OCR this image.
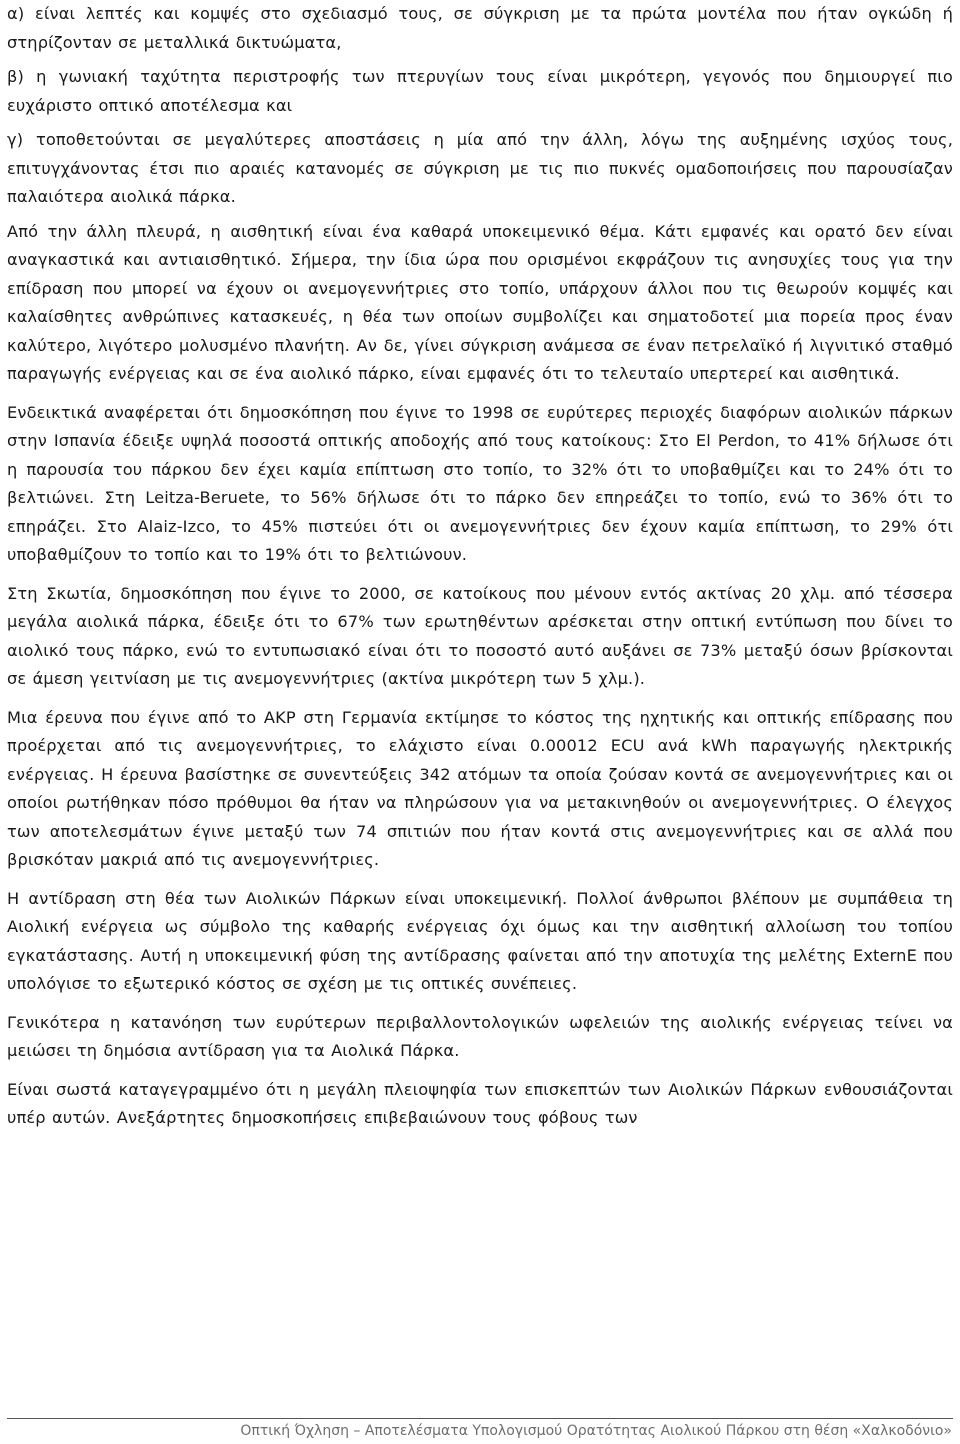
α) είναι λεπτές και κομψές στο σχεδιασμό τους, σε σύγκριση με τα πρώτα μοντέλα που ήταν ογκώδη ή στηρίζονταν σε μεταλλικά δικτυώματα,

β) η γωνιακή ταχύτητα περιστροφής των πτερυγίων τους είναι μικρότερη, γεγονός που δημιουργεί πιο ευχάριστο οπτικό αποτέλεσμα και

γ) τοποθετούνται σε μεγαλύτερες αποστάσεις η μία από την άλλη, λόγω της αυξημένης ισχύος τους, επιτυγχάνοντας έτσι πιο αραιές κατανομές σε σύγκριση με τις πιο πυκνές ομαδοποιήσεις που παρουσίαζαν παλαιότερα αιολικά πάρκα.

Από την άλλη πλευρά, η αισθητική είναι ένα καθαρά υποκειμενικό θέμα. Κάτι εμφανές και ορατό δεν είναι αναγκαστικά και αντιαισθητικό. Σήμερα, την ίδια ώρα που ορισμένοι εκφράζουν τις ανησυχίες τους για την επίδραση που μπορεί να έχουν οι ανεμογεννήτριες στο τοπίο, υπάρχουν άλλοι που τις θεωρούν κομψές και καλαίσθητες ανθρώπινες κατασκευές, η θέα των οποίων συμβολίζει και σηματοδοτεί μια πορεία προς έναν καλύτερο, λιγότερο μολυσμένο πλανήτη. Αν δε, γίνει σύγκριση ανάμεσα σε έναν πετρελαϊκό ή λιγνιτικό σταθμό παραγωγής ενέργειας και σε ένα αιολικό πάρκο, είναι εμφανές ότι το τελευταίο υπερτερεί και αισθητικά.

Ενδεικτικά αναφέρεται ότι δημοσκόπηση που έγινε το 1998 σε ευρύτερες περιοχές διαφόρων αιολικών πάρκων στην Ισπανία έδειξε υψηλά ποσοστά οπτικής αποδοχής από τους κατοίκους: Στο El Perdon, το 41% δήλωσε ότι η παρουσία του πάρκου δεν έχει καμία επίπτωση στο τοπίο, το 32% ότι το υποβαθμίζει και το 24% ότι το βελτιώνει. Στη Leitza-Beruete, το 56% δήλωσε ότι το πάρκο δεν επηρεάζει το τοπίο, ενώ το 36% ότι το επηράζει. Στο Alaiz-Izco, το 45% πιστεύει ότι οι ανεμογεννήτριες δεν έχουν καμία επίπτωση, το 29% ότι υποβαθμίζουν το τοπίο και το 19% ότι το βελτιώνουν.

Στη Σκωτία, δημοσκόπηση που έγινε το 2000, σε κατοίκους που μένουν εντός ακτίνας 20 χλμ. από τέσσερα μεγάλα αιολικά πάρκα, έδειξε ότι το 67% των ερωτηθέντων αρέσκεται στην οπτική εντύπωση που δίνει το αιολικό τους πάρκο, ενώ το εντυπωσιακό είναι ότι το ποσοστό αυτό αυξάνει σε 73% μεταξύ όσων βρίσκονται σε άμεση γειτνίαση με τις ανεμογεννήτριες (ακτίνα μικρότερη των 5 χλμ.).

Μια έρευνα που έγινε από το ΑΚΡ στη Γερμανία εκτίμησε το κόστος της ηχητικής και οπτικής επίδρασης που προέρχεται από τις ανεμογεννήτριες, το ελάχιστο είναι 0.00012 ECU ανά kWh παραγωγής ηλεκτρικής ενέργειας. Η έρευνα βασίστηκε σε συνεντεύξεις 342 ατόμων τα οποία ζούσαν κοντά σε ανεμογεννήτριες και οι οποίοι ρωτήθηκαν πόσο πρόθυμοι θα ήταν να πληρώσουν για να μετακινηθούν οι ανεμογεννήτριες. Ο έλεγχος των αποτελεσμάτων έγινε μεταξύ των 74 σπιτιών που ήταν κοντά στις ανεμογεννήτριες και σε αλλά που βρισκόταν μακριά από τις ανεμογεννήτριες.

Η αντίδραση στη θέα των Αιολικών Πάρκων είναι υποκειμενική. Πολλοί άνθρωποι βλέπουν με συμπάθεια τη Αιολική ενέργεια ως σύμβολο της καθαρής ενέργειας όχι όμως και την αισθητική αλλοίωση του τοπίου εγκατάστασης. Αυτή η υποκειμενική φύση της αντίδρασης φαίνεται από την αποτυχία της μελέτης ExternE που υπολόγισε το εξωτερικό κόστος σε σχέση με τις οπτικές συνέπειες.

Γενικότερα η κατανόηση των ευρύτερων περιβαλλοντολογικών ωφελειών της αιολικής ενέργειας τείνει να μειώσει τη δημόσια αντίδραση για τα Αιολικά Πάρκα.

Είναι σωστά καταγεγραμμένο ότι η μεγάλη πλειοψηφία των επισκεπτών των Αιολικών Πάρκων ενθουσιάζονται υπέρ αυτών. Ανεξάρτητες δημοσκοπήσεις επιβεβαιώνουν τους φόβους των

Οπτική Όχληση – Αποτελέσματα Υπολογισμού Ορατότητας Αιολικού Πάρκου στη θέση «Χαλκοδόνιο»
